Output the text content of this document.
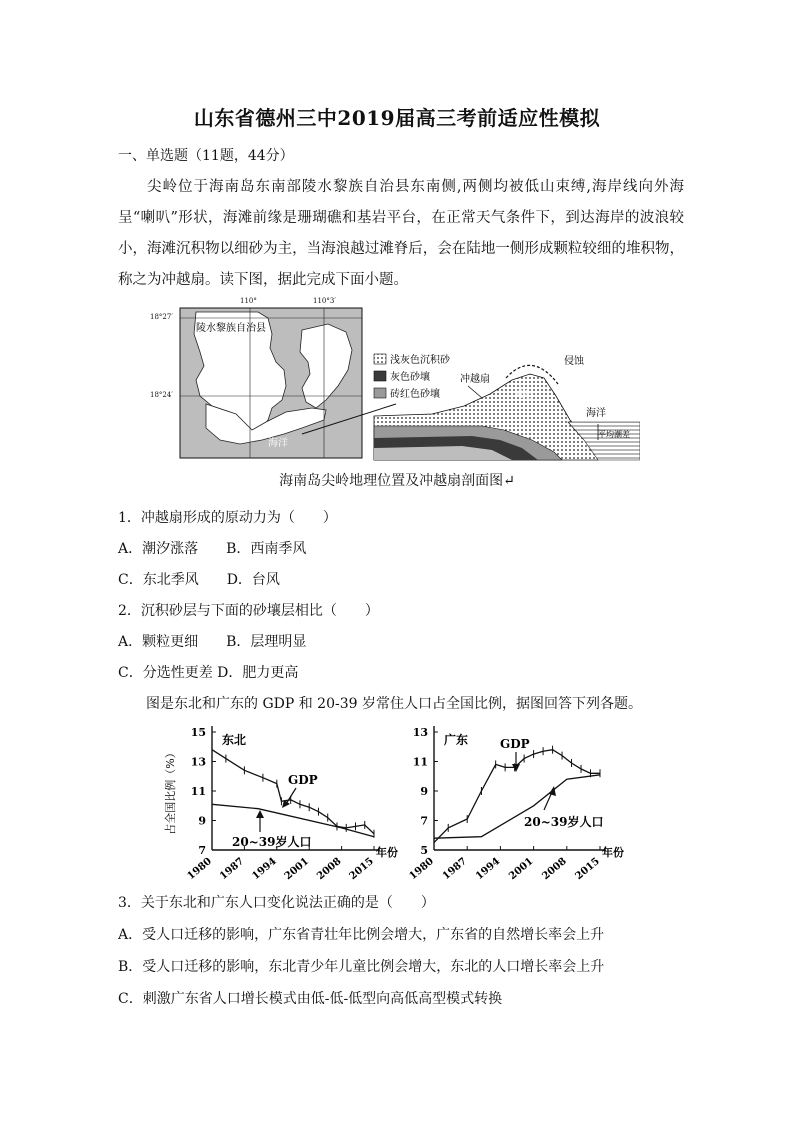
山东省德州三中2019届高三考前适应性模拟
一、单选题（11题，44分）
尖岭位于海南岛东南部陵水黎族自治县东南侧,两侧均被低山束缚,海岸线向外海呈“喇叭”形状，海滩前缘是珊瑚礁和基岩平台，在正常天气条件下，到达海岸的波浪较小，海滩沉积物以细砂为主，当海浪越过滩脊后，会在陆地一侧形成颗粒较细的堆积物，称之为冲越扇。读下图，据此完成下面小题。
陵水黎族自治县
海洋
110°	110°3′
18°27′
18°24′
浅灰色沉积砂
灰色砂壤
砖红色砂壤
侵蚀
冲越扇
滩脊
海洋
平均潮差
海南岛尖岭地理位置及冲越扇剖面图↵
1．冲越扇形成的原动力为（　　）
A．潮汐涨落　　B．西南季风
C．东北季风　　D．台风
2．沉积砂层与下面的砂壤层相比（　　）
A．颗粒更细　　B．层理明显
C．分选性更差 D．肥力更高
图是东北和广东的 GDP 和 20-39 岁常住人口占全国比例，据图回答下列各题。
7
9
11
13
15
1980 1987 1994 2001 2008 2015
东北
年份
占全国比例（%）	GDP
20~39岁人口
5
7
9
11
13
1980 1987 1994 2001 2008 2015
广东
年份
GDP
20~39岁人口
3．关于东北和广东人口变化说法正确的是（　　）
A．受人口迁移的影响，广东省青壮年比例会增大，广东省的自然增长率会上升
B．受人口迁移的影响，东北青少年儿童比例会增大，东北的人口增长率会上升
C．刺激广东省人口增长模式由低-低-低型向高低高型模式转换
